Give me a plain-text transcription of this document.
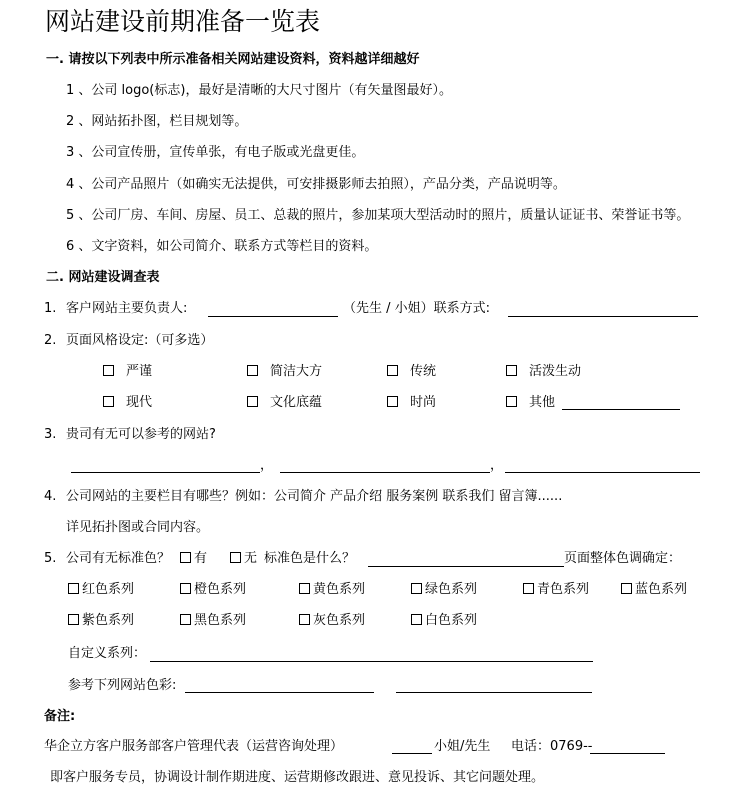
网站建设前期准备一览表
一. 请按以下列表中所示准备相关网站建设资料，资料越详细越好
1 、公司 logo(标志)，最好是清晰的大尺寸图片（有矢量图最好）。
2 、网站拓扑图，栏目规划等。
3 、公司宣传册，宣传单张，有电子版或光盘更佳。
4 、公司产品照片（如确实无法提供，可安排摄影师去拍照），产品分类，产品说明等。
5 、公司厂房、车间、房屋、员工、总裁的照片，参加某项大型活动时的照片，质量认证证书、荣誉证书等。
6 、文字资料，如公司简介、联系方式等栏目的资料。
二. 网站建设调查表
1. 客户网站主要负责人:	（先生 / 小姐）联系方式:
2. 页面风格设定:（可多选）
严谨	简洁大方	传统	活泼生动
现代	文化底蕴	时尚	其他
3. 贵司有无可以参考的网站?
，	，
4. 公司网站的主要栏目有哪些？例如：公司简介 产品介绍 服务案例 联系我们 留言簿......
详见拓扑图或合同内容。
5. 公司有无标准色？	有	无 标准色是什么？	页面整体色调确定：
红色系列	橙色系列	黄色系列	绿色系列	青色系列	蓝色系列
紫色系列	黑色系列	灰色系列	白色系列
自定义系列：
参考下列网站色彩:
备注:
华企立方客户服务部客户管理代表（运营咨询处理）	小姐/先生 电话：0769--
即客户服务专员，协调设计制作期进度、运营期修改跟进、意见投诉、其它问题处理。
